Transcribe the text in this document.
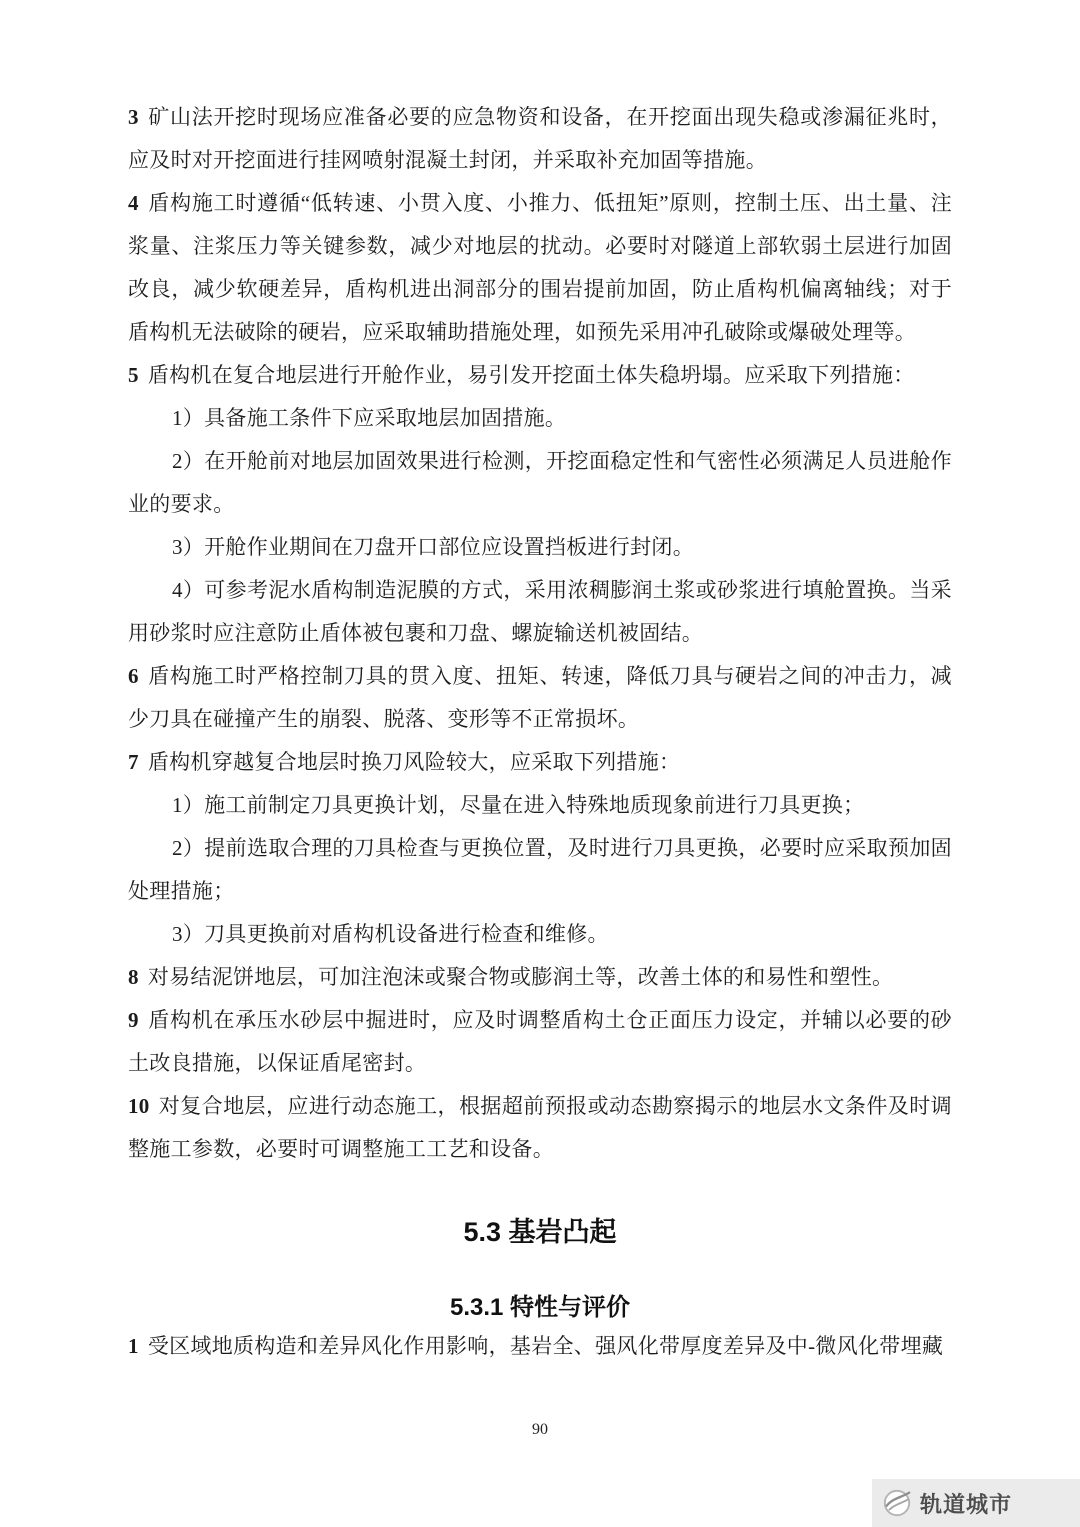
3 矿山法开挖时现场应准备必要的应急物资和设备，在开挖面出现失稳或渗漏征兆时，应及时对开挖面进行挂网喷射混凝土封闭，并采取补充加固等措施。

4 盾构施工时遵循“低转速、小贯入度、小推力、低扭矩”原则，控制土压、出土量、注浆量、注浆压力等关键参数，减少对地层的扰动。必要时对隧道上部软弱土层进行加固改良，减少软硬差异，盾构机进出洞部分的围岩提前加固，防止盾构机偏离轴线；对于盾构机无法破除的硬岩，应采取辅助措施处理，如预先采用冲孔破除或爆破处理等。

5 盾构机在复合地层进行开舱作业，易引发开挖面土体失稳坍塌。应采取下列措施：

1）具备施工条件下应采取地层加固措施。

2）在开舱前对地层加固效果进行检测，开挖面稳定性和气密性必须满足人员进舱作业的要求。

3）开舱作业期间在刀盘开口部位应设置挡板进行封闭。

4）可参考泥水盾构制造泥膜的方式，采用浓稠膨润土浆或砂浆进行填舱置换。当采用砂浆时应注意防止盾体被包裹和刀盘、螺旋输送机被固结。

6 盾构施工时严格控制刀具的贯入度、扭矩、转速，降低刀具与硬岩之间的冲击力，减少刀具在碰撞产生的崩裂、脱落、变形等不正常损坏。

7 盾构机穿越复合地层时换刀风险较大，应采取下列措施：

1）施工前制定刀具更换计划，尽量在进入特殊地质现象前进行刀具更换；

2）提前选取合理的刀具检查与更换位置，及时进行刀具更换，必要时应采取预加固处理措施；

3）刀具更换前对盾构机设备进行检查和维修。

8 对易结泥饼地层，可加注泡沫或聚合物或膨润土等，改善土体的和易性和塑性。

9 盾构机在承压水砂层中掘进时，应及时调整盾构土仓正面压力设定，并辅以必要的砂土改良措施，以保证盾尾密封。

10 对复合地层，应进行动态施工，根据超前预报或动态勘察揭示的地层水文条件及时调整施工参数，必要时可调整施工工艺和设备。

5.3 基岩凸起
5.3.1 特性与评价

1 受区域地质构造和差异风化作用影响，基岩全、强风化带厚度差异及中-微风化带埋藏

90
轨道城市
